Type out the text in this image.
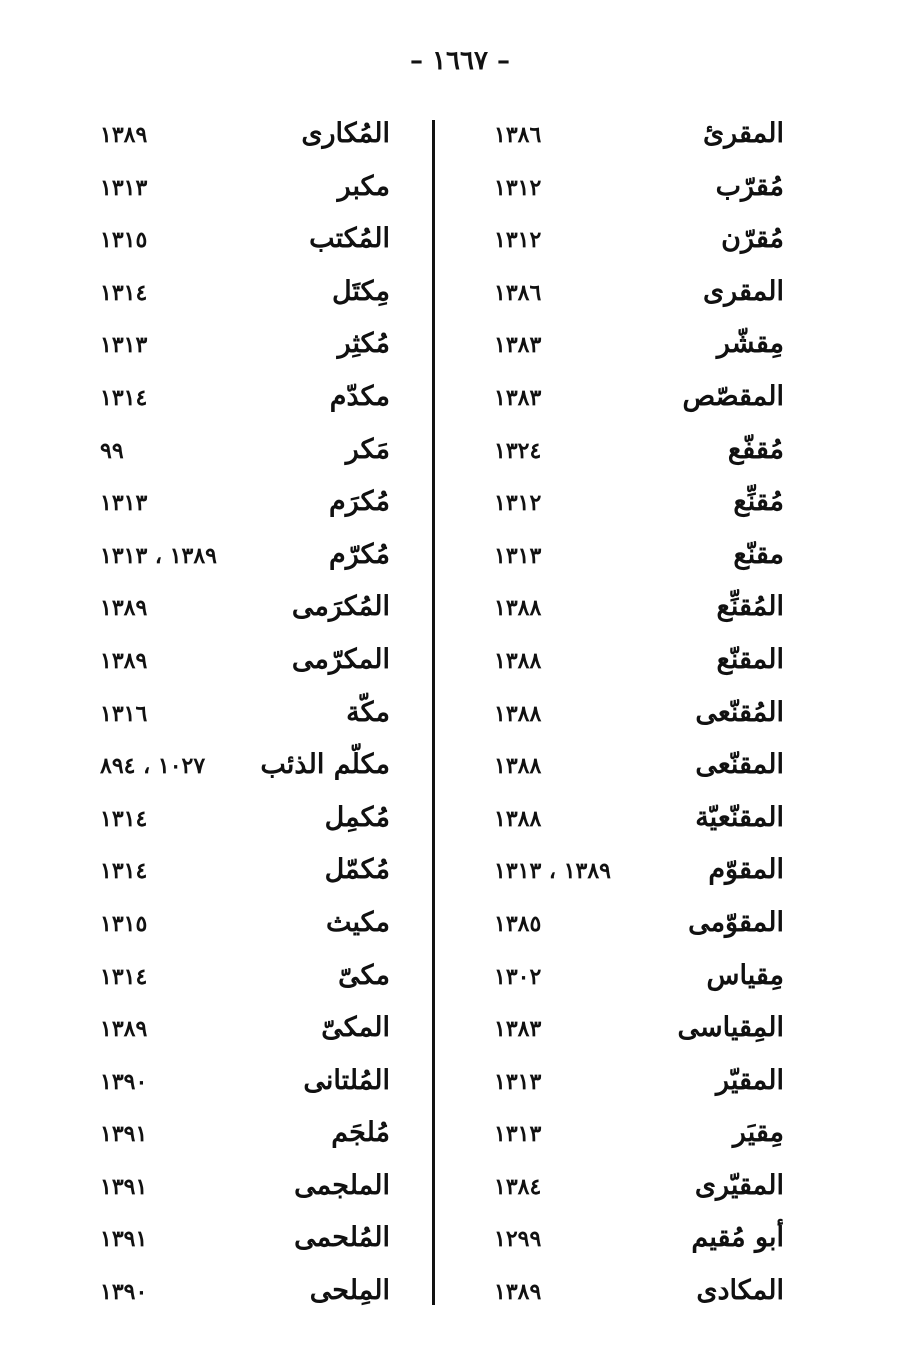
– ١٦٦٧ –
المقرئ
١٣٨٦
مُقرّب
١٣١٢
مُقرّن
١٣١٢
المقرى
١٣٨٦
مِقشّر
١٣٨٣
المقصّص
١٣٨٣
مُقفّع
١٣٢٤
مُقنِّع
١٣١٢
مقنّع
١٣١٣
المُقنِّع
١٣٨٨
المقنّع
١٣٨٨
المُقنّعى
١٣٨٨
المقنّعى
١٣٨٨
المقنّعيّة
١٣٨٨
المقوّم
١٣٨٩ ، ١٣١٣
المقوّمى
١٣٨٥
مِقياس
١٣٠٢
المِقياسى
١٣٨٣
المقيّر
١٣١٣
مِقيَر
١٣١٣
المقيّرى
١٣٨٤
أبو مُقيم
١٢٩٩
المكادى
١٣٨٩
المُكارى
١٣٨٩
مكبر
١٣١٣
المُكتب
١٣١٥
مِكتَل
١٣١٤
مُكثِر
١٣١٣
مكدّم
١٣١٤
مَكر
٩٩
مُكرَم
١٣١٣
مُكرّم
١٣٨٩ ، ١٣١٣
المُكرَمى
١٣٨٩
المكرّمى
١٣٨٩
مكّة
١٣١٦
مكلّم الذئب
١٠٢٧ ، ٨٩٤
مُكمِل
١٣١٤
مُكمّل
١٣١٤
مكيث
١٣١٥
مكىّ
١٣١٤
المكىّ
١٣٨٩
المُلتانى
١٣٩٠
مُلجَم
١٣٩١
الملجمى
١٣٩١
المُلحمى
١٣٩١
المِلحى
١٣٩٠
